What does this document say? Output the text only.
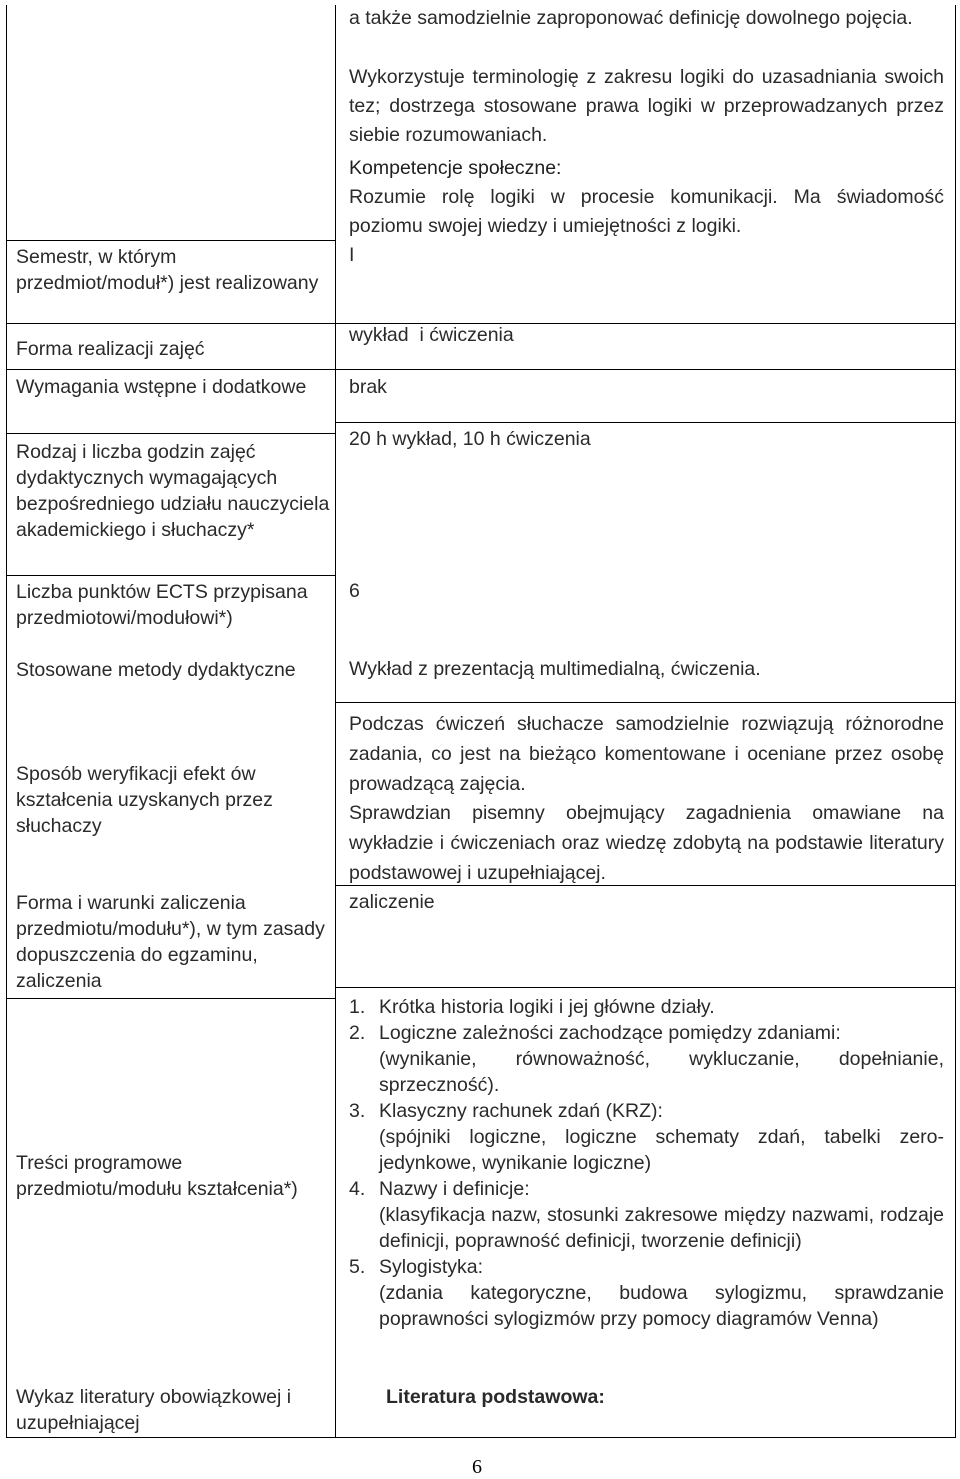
a także samodzielnie zaproponować definicję dowolnego pojęcia.
Wykorzystuje terminologię z zakresu logiki do uzasadniania swoich tez; dostrzega stosowane prawa logiki w przeprowadzanych przez siebie rozumowaniach.
Kompetencje społeczne:
Rozumie rolę logiki w procesie komunikacji. Ma świadomość poziomu swojej wiedzy i umiejętności z logiki.
Semestr, w którym przedmiot/moduł*) jest realizowany
Forma realizacji zajęć
Wymagania wstępne i dodatkowe
Rodzaj i liczba godzin zajęć dydaktycznych wymagających bezpośredniego udziału nauczyciela akademickiego i słuchaczy*
Liczba punktów ECTS przypisana przedmiotowi/modułowi*)
Stosowane metody dydaktyczne
Sposób weryfikacji efekt ów kształcenia uzyskanych przez słuchaczy
Forma i warunki zaliczenia przedmiotu/modułu*), w tym zasady dopuszczenia do egzaminu, zaliczenia
Treści programowe przedmiotu/modułu kształcenia*)
Wykaz literatury obowiązkowej i uzupełniającej
I
wykład  i ćwiczenia
brak
20 h wykład, 10 h ćwiczenia
6
Wykład z prezentacją multimedialną, ćwiczenia.
Podczas ćwiczeń słuchacze samodzielnie rozwiązują różnorodne zadania, co jest na bieżąco komentowane i oceniane przez osobę prowadzącą zajęcia.
Sprawdzian pisemny obejmujący zagadnienia omawiane na wykładzie i ćwiczeniach oraz wiedzę zdobytą na podstawie literatury podstawowej i uzupełniającej.
zaliczenie
1. Krótka historia logiki i jej główne działy.
2. Logiczne zależności zachodzące pomiędzy zdaniami:
(wynikanie, równoważność, wykluczanie, dopełnianie, sprzeczność).
3. Klasyczny rachunek zdań (KRZ):
(spójniki logiczne, logiczne schematy zdań, tabelki zero-jedynkowe, wynikanie logiczne)
4. Nazwy i definicje:
(klasyfikacja nazw, stosunki zakresowe między nazwami, rodzaje definicji, poprawność definicji, tworzenie definicji)
5. Sylogistyka:
(zdania kategoryczne, budowa sylogizmu, sprawdzanie poprawności sylogizmów przy pomocy diagramów Venna)
Literatura podstawowa:
6
